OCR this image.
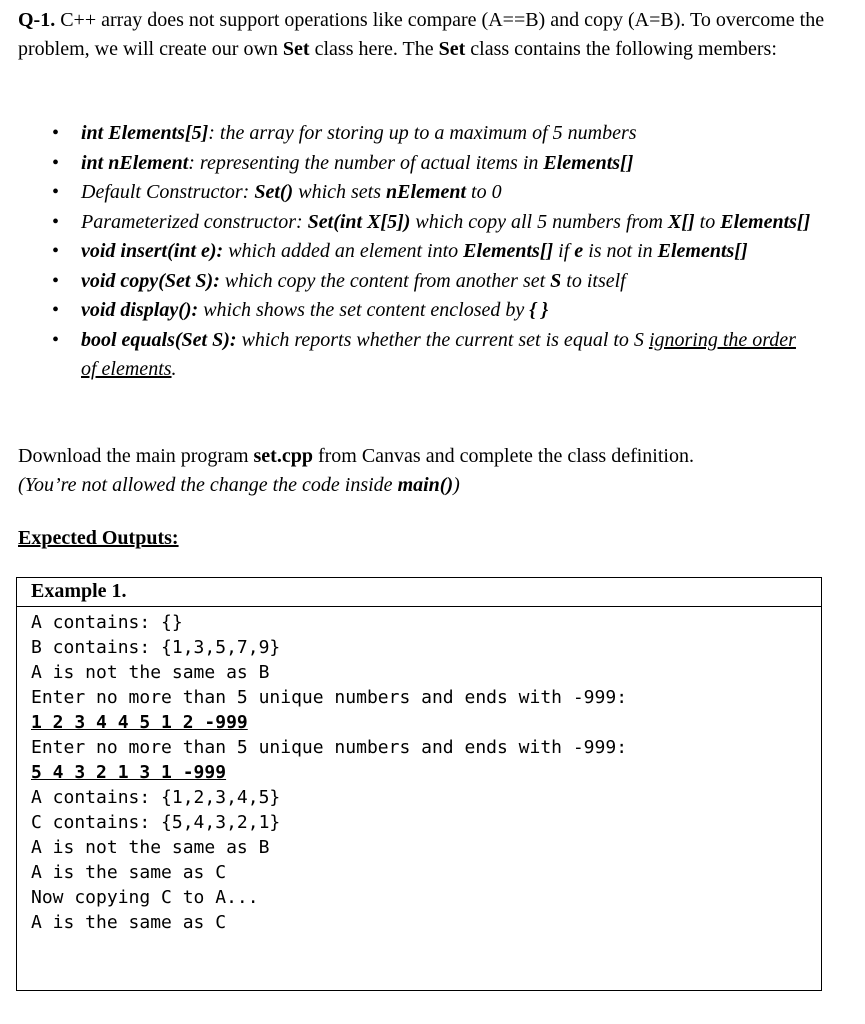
Q-1. C++ array does not support operations like compare (A==B) and copy (A=B). To overcome the problem, we will create our own Set class here. The Set class contains the following members:
• int Elements[5]: the array for storing up to a maximum of 5 numbers
• int nElement: representing the number of actual items in Elements[]
• Default Constructor: Set() which sets nElement to 0
• Parameterized constructor: Set(int X[5]) which copy all 5 numbers from X[] to Elements[]
• void insert(int e): which added an element into Elements[] if e is not in Elements[]
• void copy(Set S): which copy the content from another set S to itself
• void display(): which shows the set content enclosed by { }
• bool equals(Set S): which reports whether the current set is equal to S ignoring the order of elements.
Download the main program set.cpp from Canvas and complete the class definition.
(You’re not allowed the change the code inside main())
Expected Outputs:
Example 1.
A contains: {}
B contains: {1,3,5,7,9}
A is not the same as B
Enter no more than 5 unique numbers and ends with -999:
1 2 3 4 4 5 1 2 -999
Enter no more than 5 unique numbers and ends with -999:
5 4 3 2 1 3 1 -999
A contains: {1,2,3,4,5}
C contains: {5,4,3,2,1}
A is not the same as B
A is the same as C
Now copying C to A...
A is the same as C
